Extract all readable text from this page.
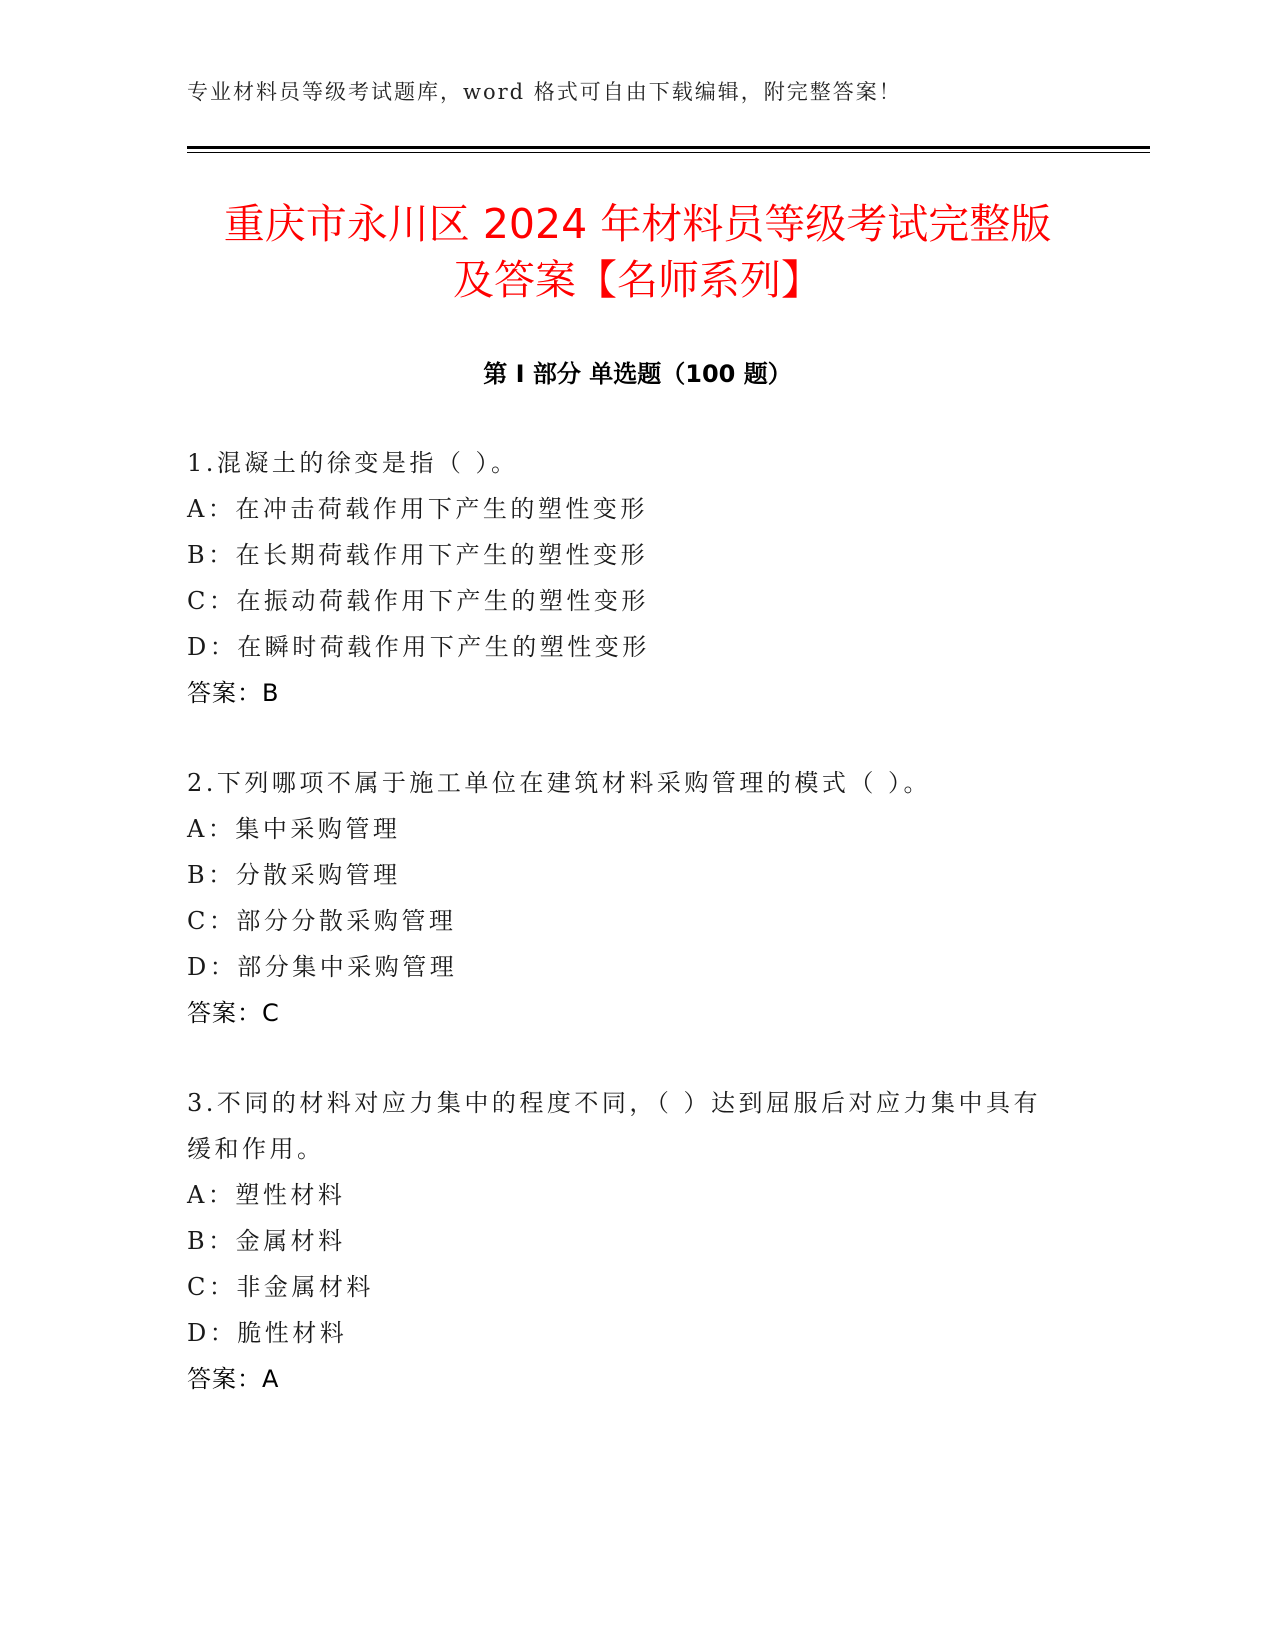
专业材料员等级考试题库，word 格式可自由下载编辑，附完整答案！
重庆市永川区 2024 年材料员等级考试完整版
及答案【名师系列】
第 I 部分 单选题（100 题）
1.混凝土的徐变是指（ ）。
A：在冲击荷载作用下产生的塑性变形
B：在长期荷载作用下产生的塑性变形
C：在振动荷载作用下产生的塑性变形
D：在瞬时荷载作用下产生的塑性变形
答案：B
2.下列哪项不属于施工单位在建筑材料采购管理的模式（ ）。
A：集中采购管理
B：分散采购管理
C：部分分散采购管理
D：部分集中采购管理
答案：C
3.不同的材料对应力集中的程度不同，（ ）达到屈服后对应力集中具有缓和作用。
A：塑性材料
B：金属材料
C：非金属材料
D：脆性材料
答案：A
